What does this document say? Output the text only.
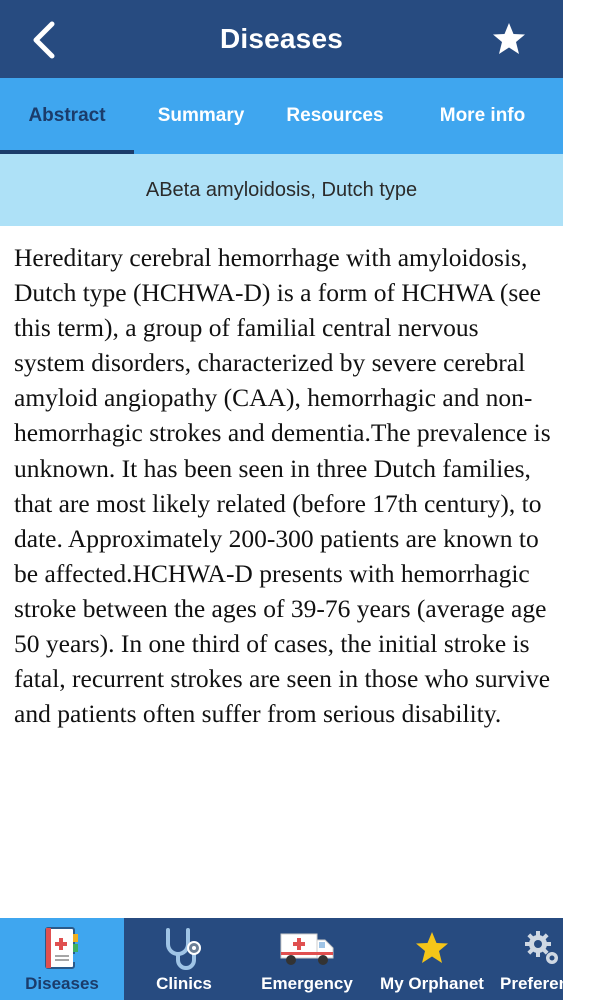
Diseases
Abstract	Summary	Resources	More info
ABeta amyloidosis, Dutch type

Hereditary cerebral hemorrhage with amyloidosis, Dutch type (HCHWA-D) is a form of HCHWA (see this term), a group of familial central nervous system disorders, characterized by severe cerebral amyloid angiopathy (CAA), hemorrhagic and non-hemorrhagic strokes and dementia.The prevalence is unknown. It has been seen in three Dutch families, that are most likely related (before 17th century), to date. Approximately 200-300 patients are known to be affected.HCHWA-D presents with hemorrhagic stroke between the ages of 39-76 years (average age 50 years). In one third of cases, the initial stroke is fatal, recurrent strokes are seen in those who survive and patients often suffer from serious disability.

Diseases	Clinics	Emergency	My Orphanet Preferences
